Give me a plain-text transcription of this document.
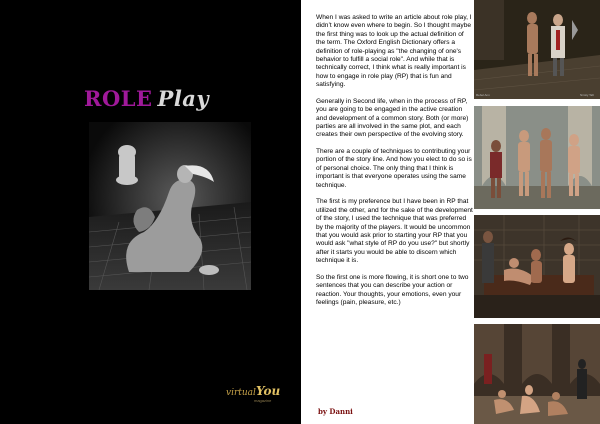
ROLE Play
virtualYou
magazine

When I was asked to write an article about role play, I didn’t know even where to begin. So I thought maybe the first thing was to look up the actual definition of the term. The Oxford English Dictionary offers a definition of role-playing as "the changing of one's behavior to fulfill a social role". And while that is technically correct, I think what is really important is how to engage in role play (RP) that is fun and satisfying.

Generally in Second life, when in the process of RP, you are going to be engaged in the active creation and development of a common story. Both (or more) parties are all involved in the same plot, and each creates their own perspective of the evolving story.

There are a couple of techniques to contributing your portion of the story line. And how you elect to do so is of personal choice. The only thing that I think is important is that everyone operates using the same technique.

The first is my preference but I have been in RP that utilized the other, and for the sake of the development of the story, I used the technique that was preferred by the majority of the players. It would be uncommon that you would ask prior to starting your RP that you would ask "what style of RP do you use?" but shortly after it starts you would be able to discern which technique it is.

So the first one is more flowing, it is short one to two sentences that you can describe your action or reaction. Your thoughts, your emotions, even your feelings (pain, pleasure, etc.)

by Danni
Rebel Ann	Nimity Taft
